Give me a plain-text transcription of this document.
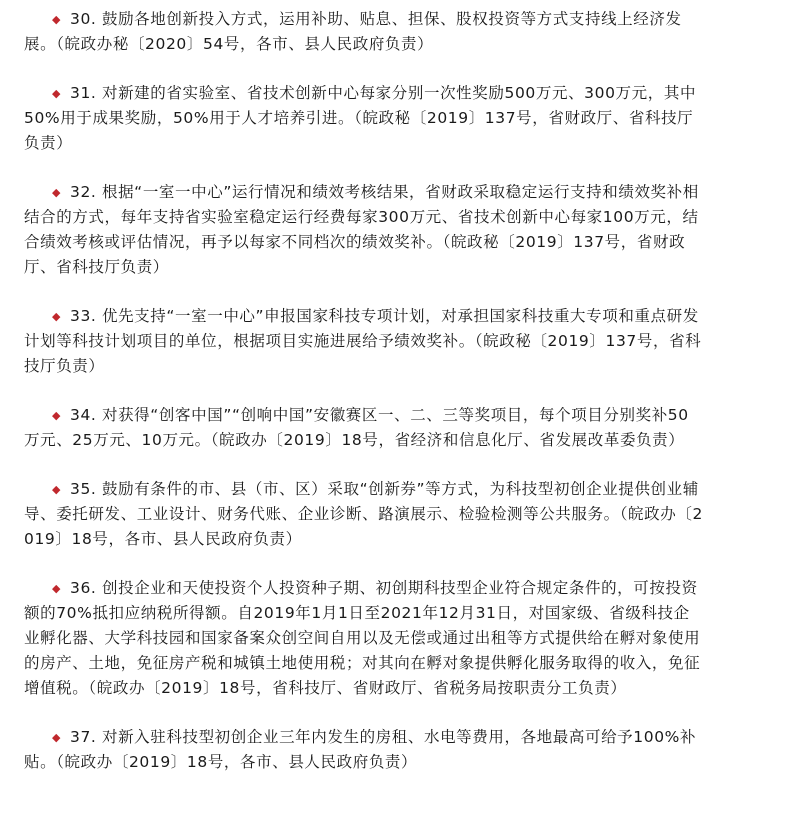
◆ 30. 鼓励各地创新投入方式，运用补助、贴息、担保、股权投资等方式支持线上经济发展。（皖政办秘〔2020〕54号，各市、县人民政府负责）

◆ 31. 对新建的省实验室、省技术创新中心每家分别一次性奖励500万元、300万元，其中50%用于成果奖励，50%用于人才培养引进。（皖政秘〔2019〕137号，省财政厅、省科技厅负责）

◆ 32. 根据“一室一中心”运行情况和绩效考核结果，省财政采取稳定运行支持和绩效奖补相结合的方式，每年支持省实验室稳定运行经费每家300万元、省技术创新中心每家100万元，结合绩效考核或评估情况，再予以每家不同档次的绩效奖补。（皖政秘〔2019〕137号，省财政厅、省科技厅负责）

◆ 33. 优先支持“一室一中心”申报国家科技专项计划，对承担国家科技重大专项和重点研发计划等科技计划项目的单位，根据项目实施进展给予绩效奖补。（皖政秘〔2019〕137号，省科技厅负责）

◆ 34. 对获得“创客中国”“创响中国”安徽赛区一、二、三等奖项目，每个项目分别奖补50万元、25万元、10万元。（皖政办〔2019〕18号，省经济和信息化厅、省发展改革委负责）

◆ 35. 鼓励有条件的市、县（市、区）采取“创新券”等方式，为科技型初创企业提供创业辅导、委托研发、工业设计、财务代账、企业诊断、路演展示、检验检测等公共服务。（皖政办〔2019〕18号，各市、县人民政府负责）

◆ 36. 创投企业和天使投资个人投资种子期、初创期科技型企业符合规定条件的，可按投资额的70%抵扣应纳税所得额。自2019年1月1日至2021年12月31日，对国家级、省级科技企业孵化器、大学科技园和国家备案众创空间自用以及无偿或通过出租等方式提供给在孵对象使用的房产、土地，免征房产税和城镇土地使用税；对其向在孵对象提供孵化服务取得的收入，免征增值税。（皖政办〔2019〕18号，省科技厅、省财政厅、省税务局按职责分工负责）

◆ 37. 对新入驻科技型初创企业三年内发生的房租、水电等费用，各地最高可给予100%补贴。（皖政办〔2019〕18号，各市、县人民政府负责）
